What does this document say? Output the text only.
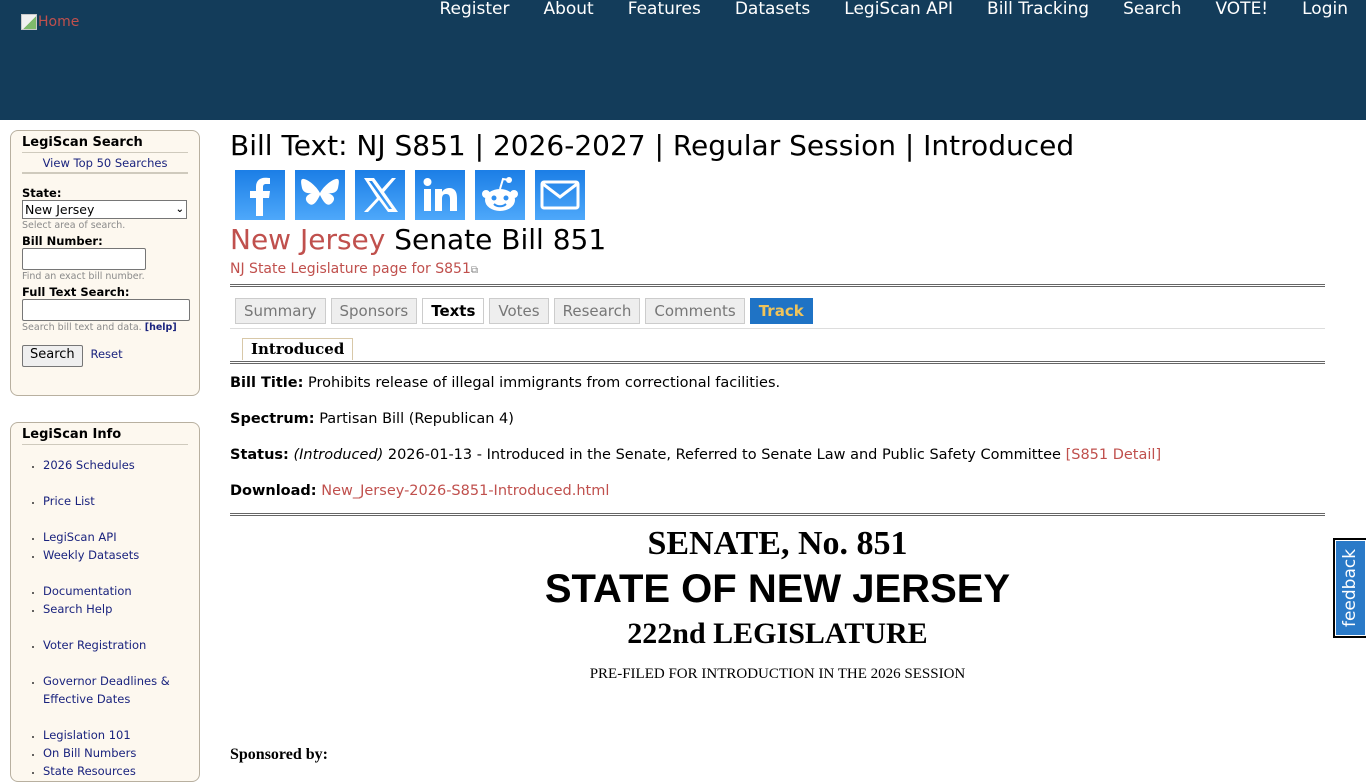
Home
Register	About	Features	Datasets	LegiScan API	Bill Tracking	Search	VOTE!	Login
LegiScan Search
View Top 50 Searches
State:
New Jersey	⌄
Select area of search.
Bill Number:
Find an exact bill number.
Full Text Search:
Search bill text and data. [help]
Search Reset
LegiScan Info
• 2026 Schedules
• Price List
• LegiScan API
• Weekly Datasets
• Documentation
• Search Help
• Voter Registration
• Governor Deadlines & Effective Dates
• Legislation 101
• On Bill Numbers
• State Resources
Bill Text: NJ S851 | 2026-2027 | Regular Session | Introduced
New Jersey Senate Bill 851
NJ State Legislature page for S851⧉
Summary	Sponsors	Texts	Votes	Research	Comments	Track
Introduced

Bill Title: Prohibits release of illegal immigrants from correctional facilities.

Spectrum: Partisan Bill (Republican 4)

Status: (Introduced) 2026-01-13 - Introduced in the Senate, Referred to Senate Law and Public Safety Committee [S851 Detail]

Download: New_Jersey-2026-S851-Introduced.html

SENATE, No. 851
STATE OF NEW JERSEY
222nd LEGISLATURE
PRE-FILED FOR INTRODUCTION IN THE 2026 SESSION
Sponsored by:
feedback
